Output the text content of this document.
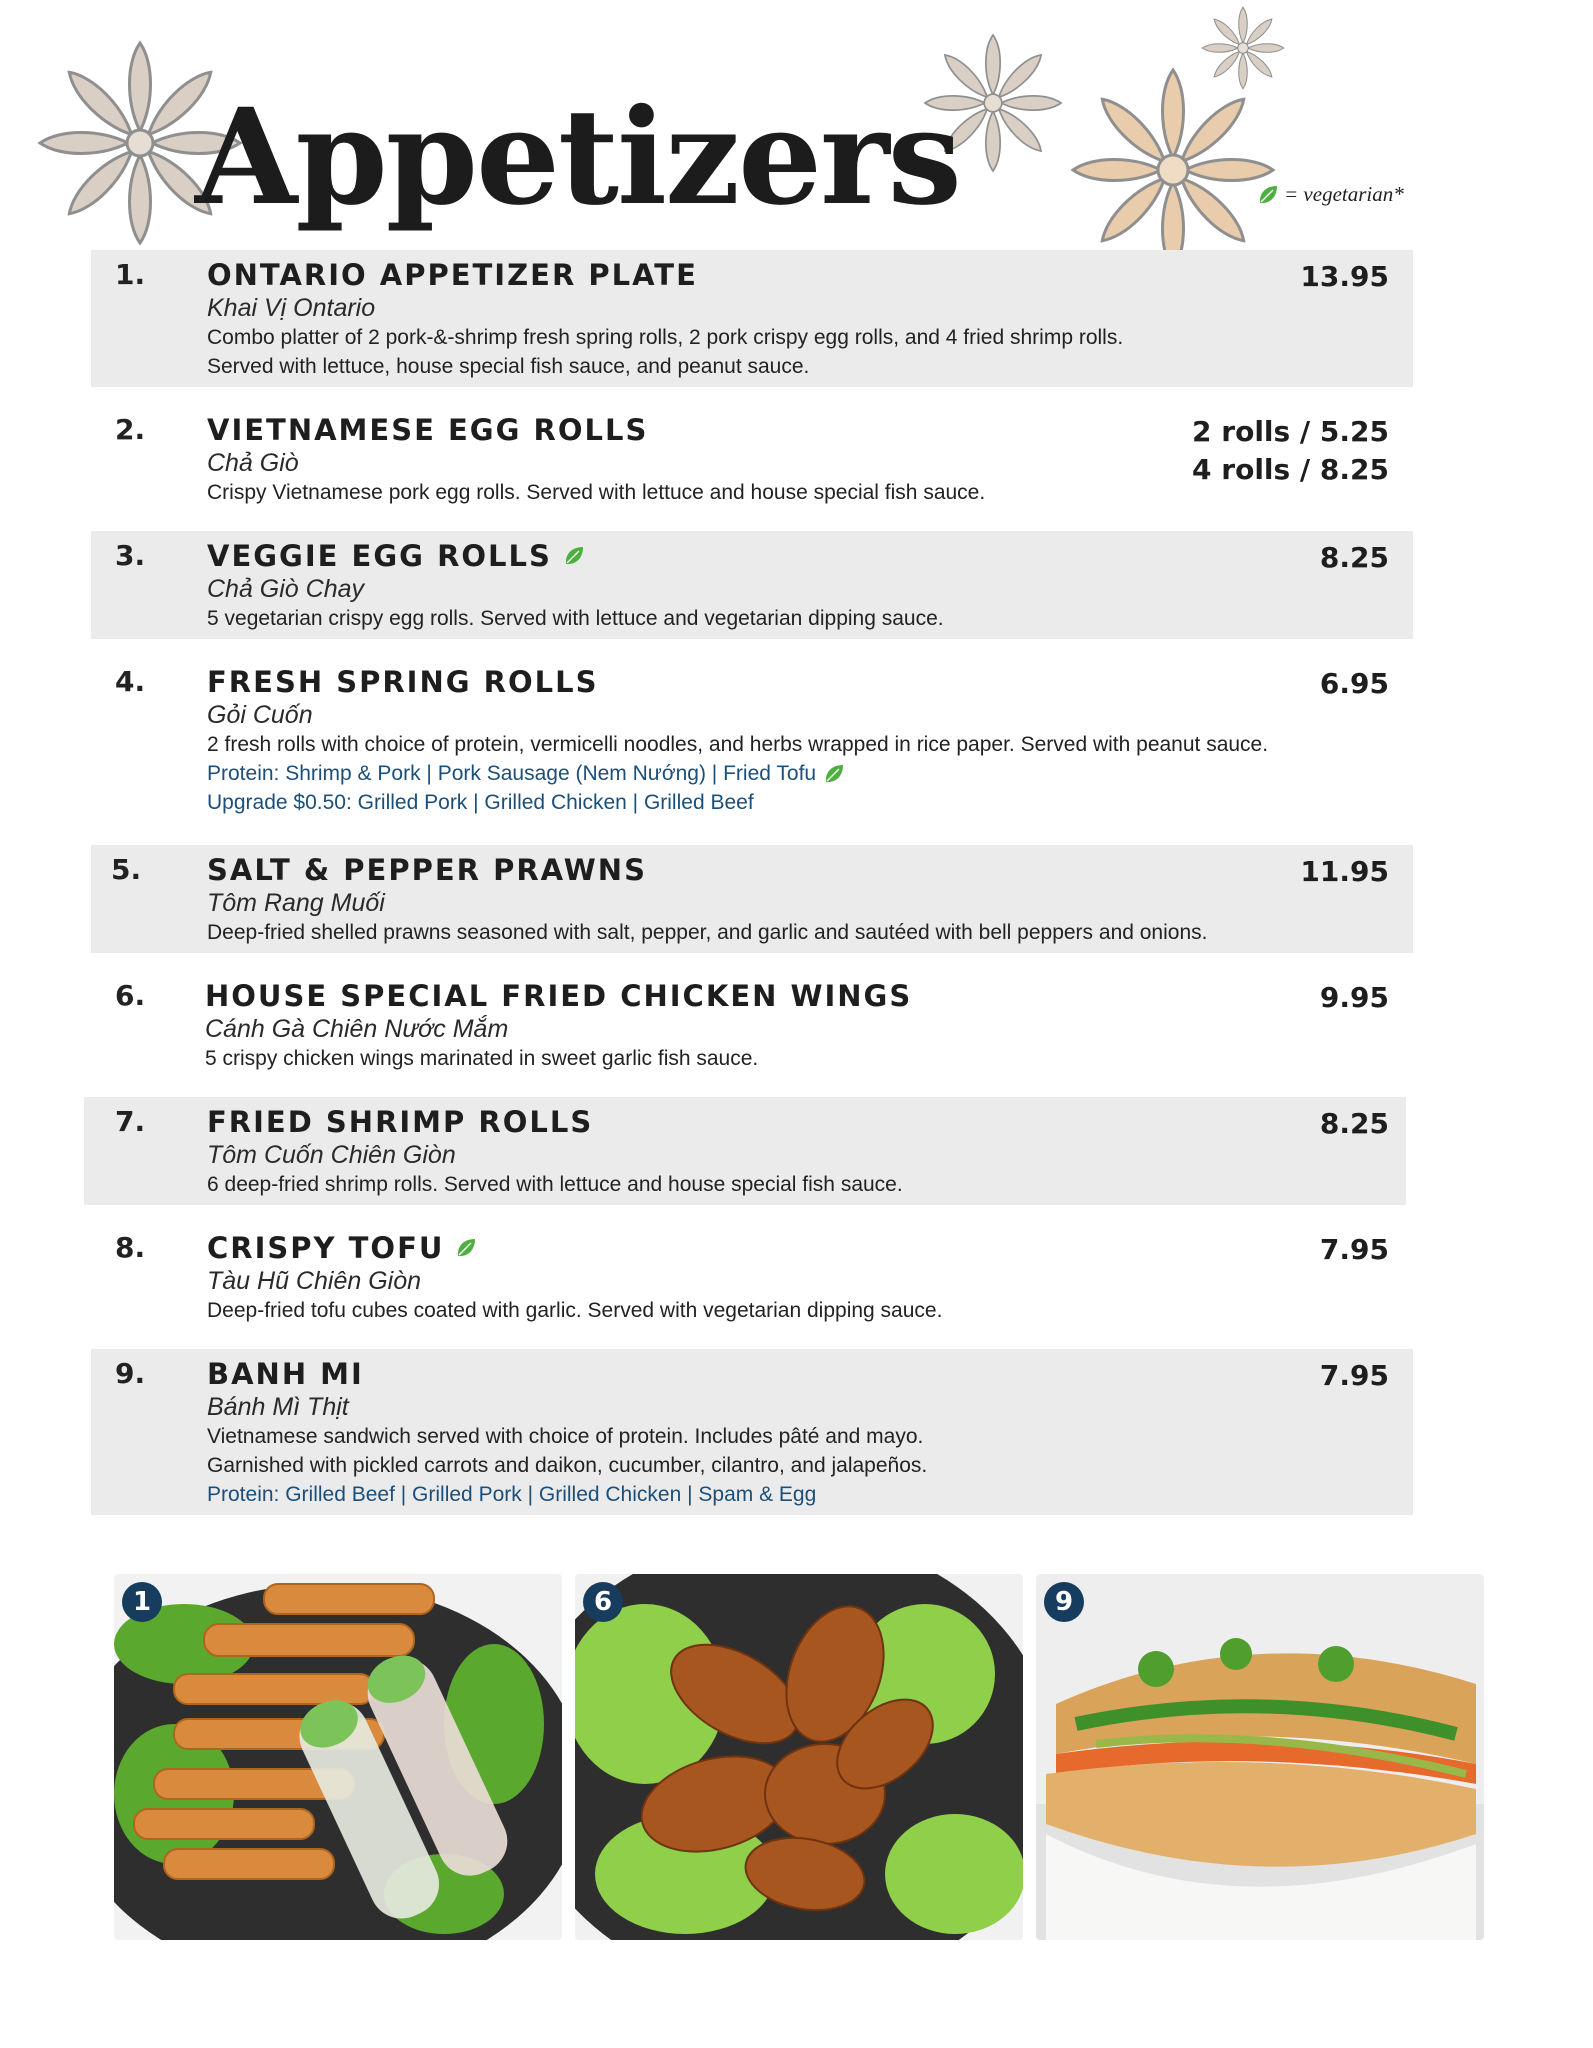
Appetizers	= vegetarian*
1. ONTARIO APPETIZER PLATE
Khai Vị Ontario
Combo platter of 2 pork-&-shrimp fresh spring rolls, 2 pork crispy egg rolls, and 4 fried shrimp rolls.
Served with lettuce, house special fish sauce, and peanut sauce.
13.95
2. VIETNAMESE EGG ROLLS
Chả Giò
Crispy Vietnamese pork egg rolls. Served with lettuce and house special fish sauce.
2 rolls / 5.25
4 rolls / 8.25
3. VEGGIE EGG ROLLS
Chả Giò Chay
5 vegetarian crispy egg rolls. Served with lettuce and vegetarian dipping sauce.
8.25
4. FRESH SPRING ROLLS
Gỏi Cuốn
2 fresh rolls with choice of protein, vermicelli noodles, and herbs wrapped in rice paper. Served with peanut sauce.
Protein: Shrimp & Pork | Pork Sausage (Nem Nướng) | Fried Tofu
Upgrade $0.50: Grilled Pork | Grilled Chicken | Grilled Beef
6.95
5. SALT & PEPPER PRAWNS
Tôm Rang Muối
Deep-fried shelled prawns seasoned with salt, pepper, and garlic and sautéed with bell peppers and onions.
11.95
6. HOUSE SPECIAL FRIED CHICKEN WINGS
Cánh Gà Chiên Nước Mắm
5 crispy chicken wings marinated in sweet garlic fish sauce.
9.95
7. FRIED SHRIMP ROLLS
Tôm Cuốn Chiên Giòn
6 deep-fried shrimp rolls. Served with lettuce and house special fish sauce.
8.25
8. CRISPY TOFU
Tàu Hũ Chiên Giòn
Deep-fried tofu cubes coated with garlic. Served with vegetarian dipping sauce.
7.95
9. BANH MI
Bánh Mì Thịt
Vietnamese sandwich served with choice of protein. Includes pâté and mayo.
Garnished with pickled carrots and daikon, cucumber, cilantro, and jalapeños.
Protein: Grilled Beef | Grilled Pork | Grilled Chicken | Spam & Egg
7.95
1	6	9
